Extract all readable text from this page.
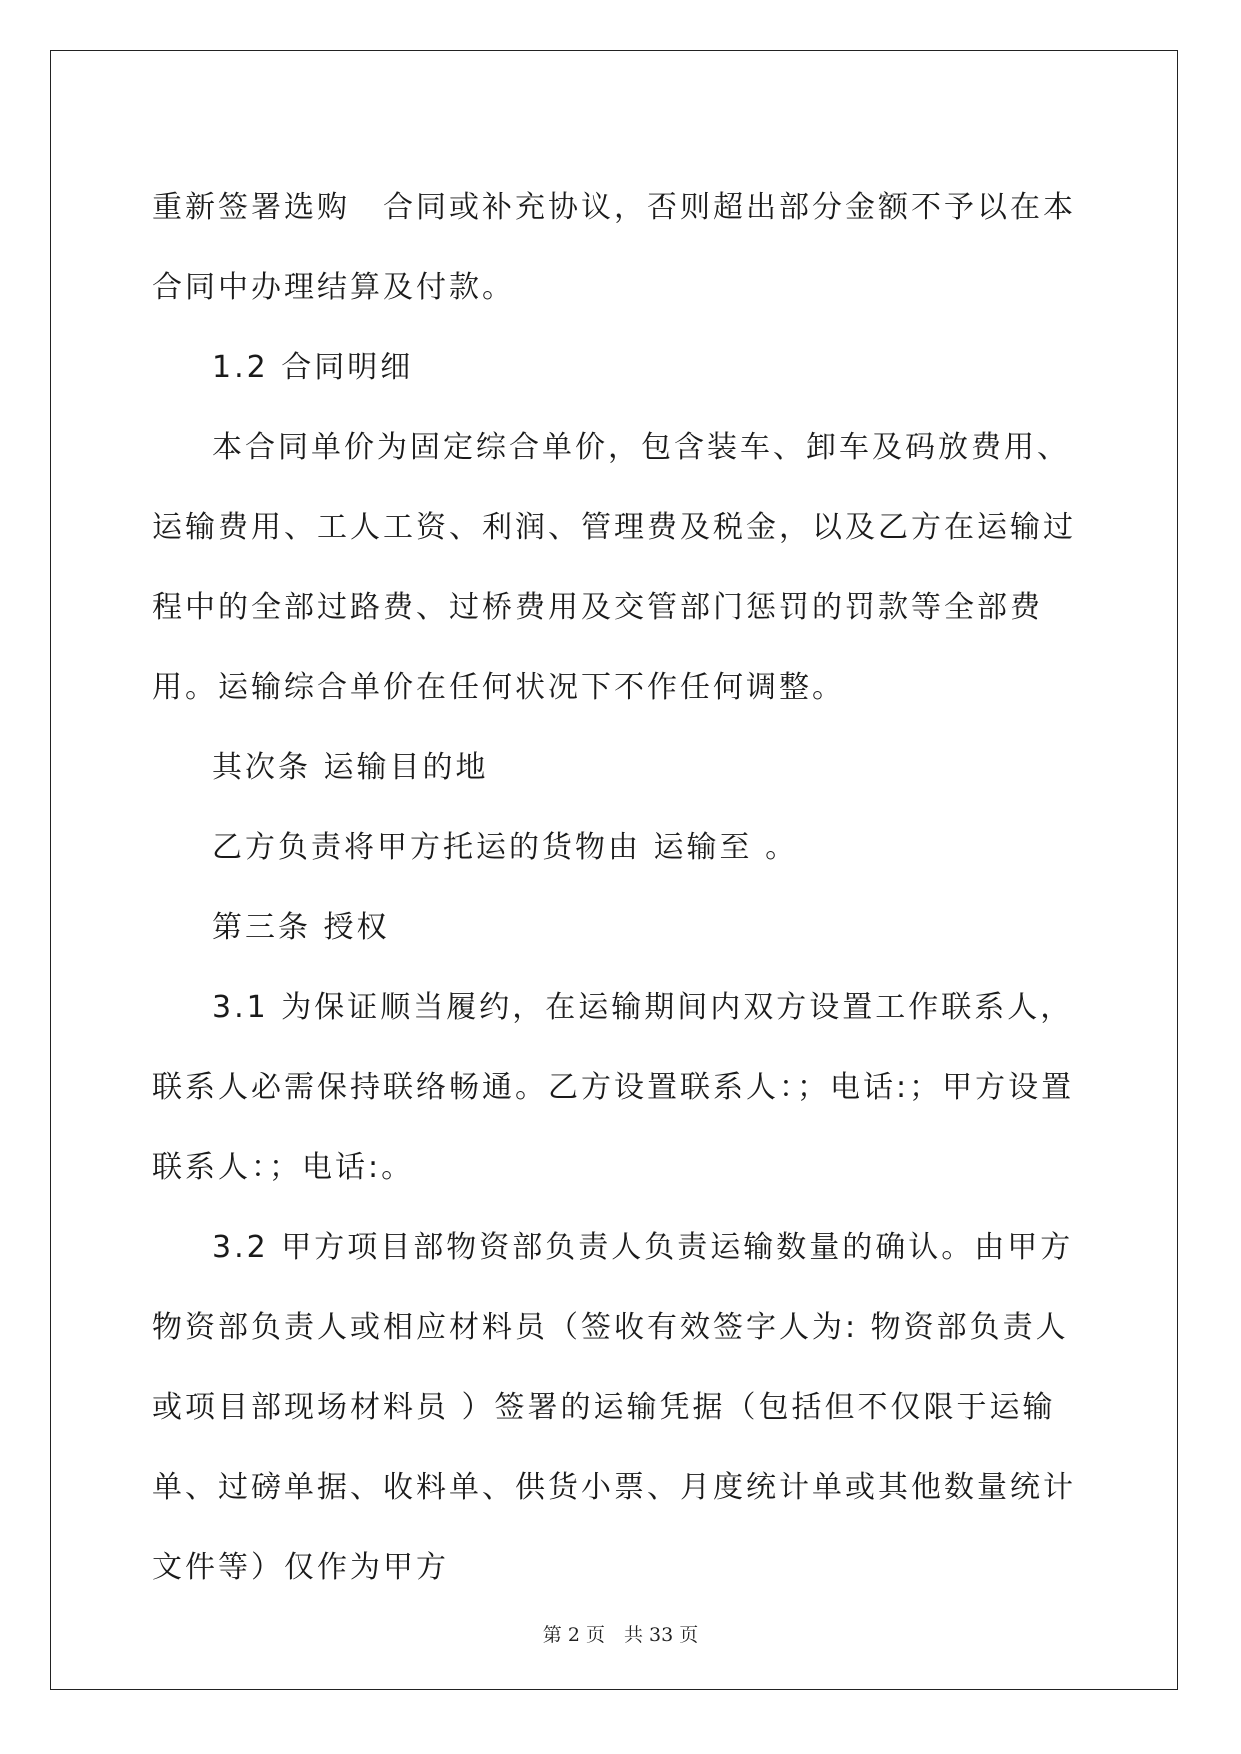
重新签署选购　合同或补充协议，否则超出部分金额不予以在本合同中办理结算及付款。

1.2 合同明细

本合同单价为固定综合单价，包含装车、卸车及码放费用、运输费用、工人工资、利润、管理费及税金，以及乙方在运输过程中的全部过路费、过桥费用及交管部门惩罚的罚款等全部费用。运输综合单价在任何状况下不作任何调整。

其次条 运输目的地

乙方负责将甲方托运的货物由 运输至 。

第三条 授权

3.1 为保证顺当履约，在运输期间内双方设置工作联系人，联系人必需保持联络畅通。乙方设置联系人：；电话:；甲方设置联系人：；电话:。

3.2 甲方项目部物资部负责人负责运输数量的确认。由甲方物资部负责人或相应材料员（签收有效签字人为: 物资部负责人 或项目部现场材料员 ）签署的运输凭据（包括但不仅限于运输单、过磅单据、收料单、供货小票、月度统计单或其他数量统计文件等）仅作为甲方

第 2 页　共 33 页
